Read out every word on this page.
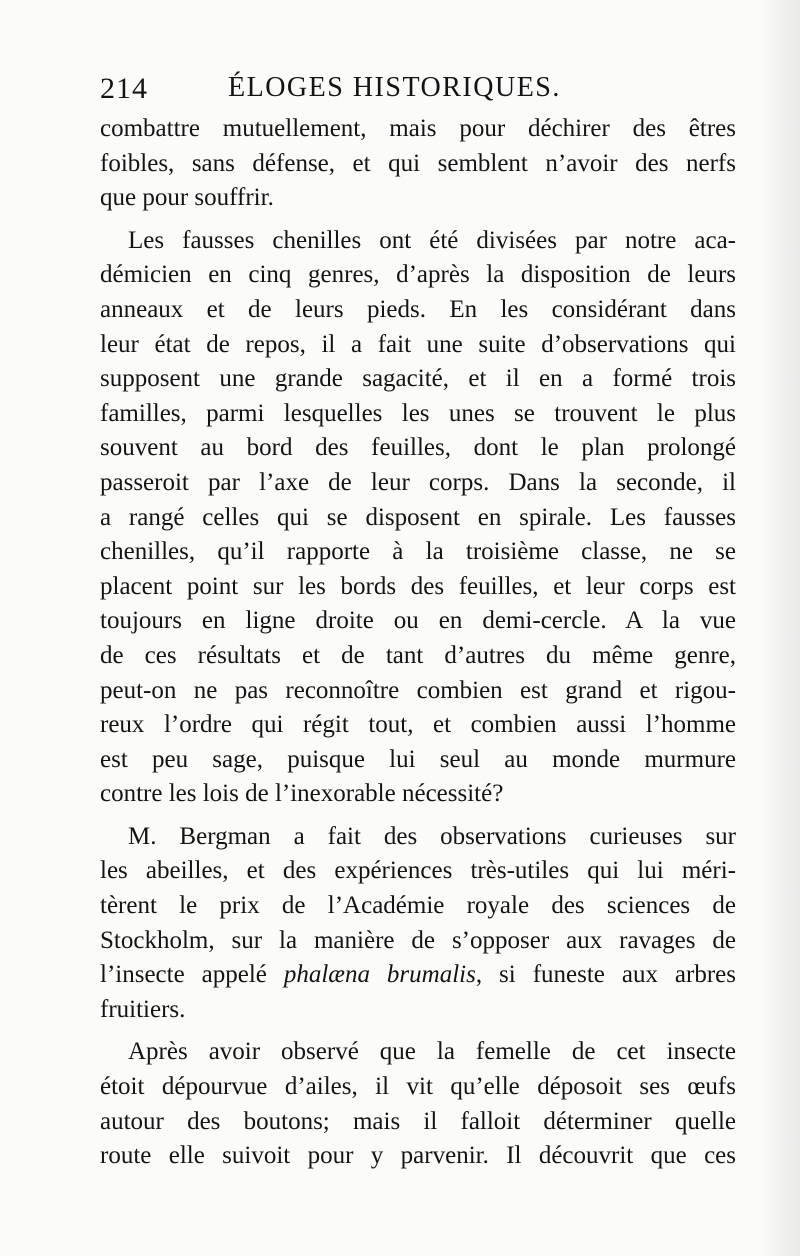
214	ÉLOGES HISTORIQUES.
combattre mutuellement, mais pour déchirer des êtres
foibles, sans défense, et qui semblent n’avoir des nerfs
que pour souffrir.
Les fausses chenilles ont été divisées par notre aca-
démicien en cinq genres, d’après la disposition de leurs
anneaux et de leurs pieds. En les considérant dans
leur état de repos, il a fait une suite d’observations qui
supposent une grande sagacité, et il en a formé trois
familles, parmi lesquelles les unes se trouvent le plus
souvent au bord des feuilles, dont le plan prolongé
passeroit par l’axe de leur corps. Dans la seconde, il
a rangé celles qui se disposent en spirale. Les fausses
chenilles, qu’il rapporte à la troisième classe, ne se
placent point sur les bords des feuilles, et leur corps est
toujours en ligne droite ou en demi-cercle. A la vue
de ces résultats et de tant d’autres du même genre,
peut-on ne pas reconnoître combien est grand et rigou-
reux l’ordre qui régit tout, et combien aussi l’homme
est peu sage, puisque lui seul au monde murmure
contre les lois de l’inexorable nécessité?
M. Bergman a fait des observations curieuses sur
les abeilles, et des expériences très-utiles qui lui méri-
tèrent le prix de l’Académie royale des sciences de
Stockholm, sur la manière de s’opposer aux ravages de
l’insecte appelé phalæna brumalis, si funeste aux arbres
fruitiers.
Après avoir observé que la femelle de cet insecte
étoit dépourvue d’ailes, il vit qu’elle déposoit ses œufs
autour des boutons; mais il falloit déterminer quelle
route elle suivoit pour y parvenir. Il découvrit que ces
